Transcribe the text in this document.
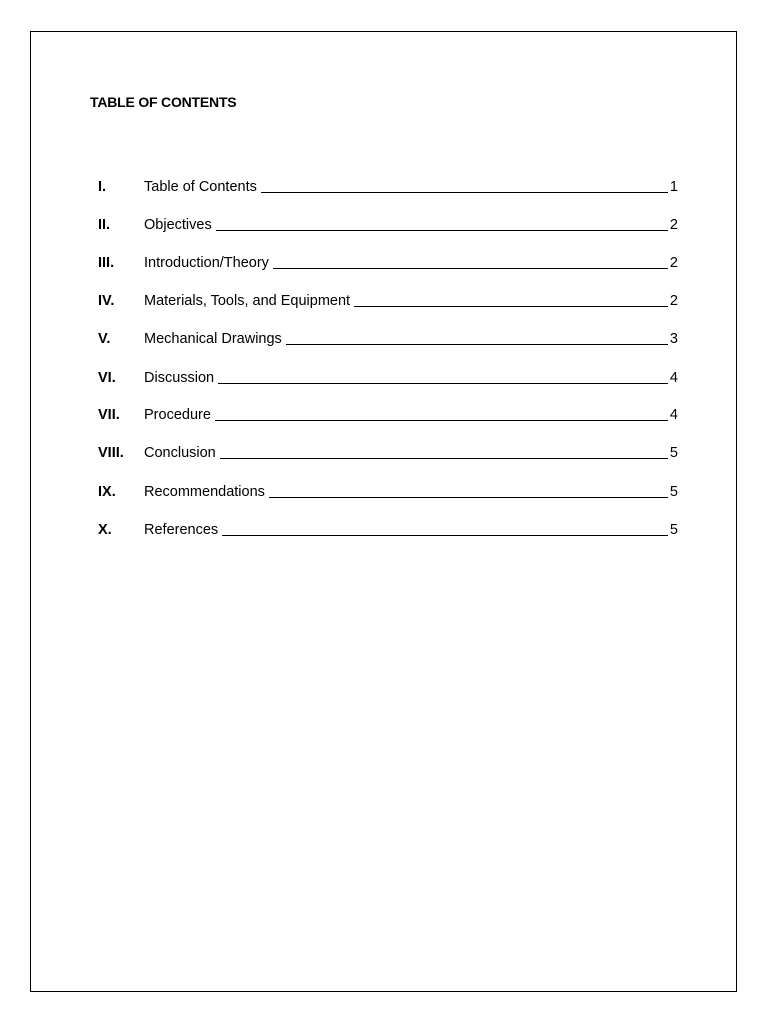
TABLE OF CONTENTS
I.	Table of Contents	1
II.	Objectives	2
III.	Introduction/Theory	2
IV.	Materials, Tools, and Equipment	2
V.	Mechanical Drawings	3
VI.	Discussion	4
VII.	Procedure	4
VIII.	Conclusion	5
IX.	Recommendations	5
X.	References	5
